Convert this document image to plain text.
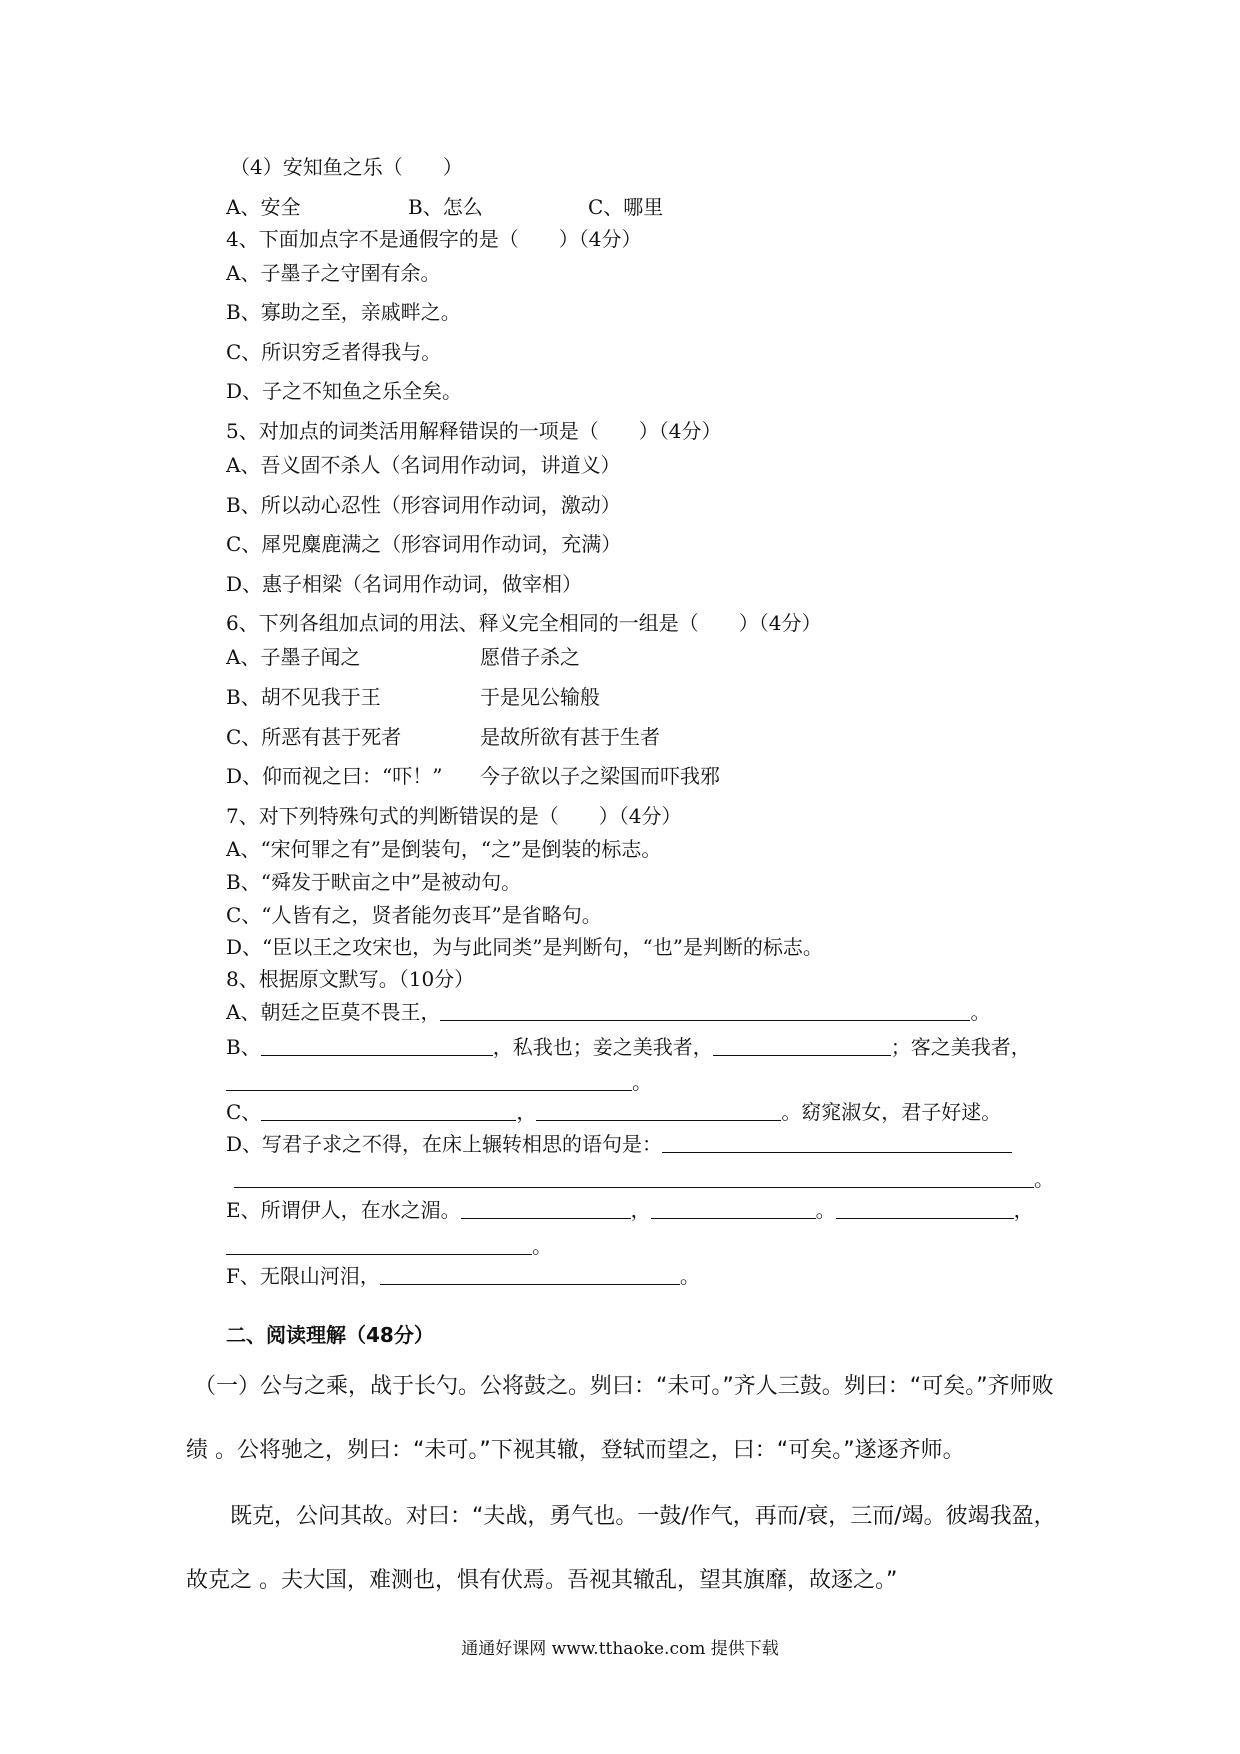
（4）安知鱼之乐（　　）
A、安全	B、怎么	C、哪里
4、下面加点字不是通假字的是（　　）（4分）
A、子墨子之守圉有余。
B、寡助之至，亲戚畔之。
C、所识穷乏者得我与。
D、子之不知鱼之乐全矣。
5、对加点的词类活用解释错误的一项是（　　）（4分）
A、吾义固不杀人（名词用作动词，讲道义）
B、所以动心忍性（形容词用作动词，激动）
C、犀兕麋鹿满之（形容词用作动词，充满）
D、惠子相梁（名词用作动词，做宰相）
6、下列各组加点词的用法、释义完全相同的一组是（　　）（4分）
A、子墨子闻之	愿借子杀之
B、胡不见我于王	于是见公输般
C、所恶有甚于死者	是故所欲有甚于生者
D、仰而视之曰：“吓！” 今子欲以子之梁国而吓我邪
7、对下列特殊句式的判断错误的是（　　）（4分）
A、“宋何罪之有”是倒装句，“之”是倒装的标志。
B、“舜发于畎亩之中”是被动句。
C、“人皆有之，贤者能勿丧耳”是省略句。
D、“臣以王之攻宋也，为与此同类”是判断句，“也”是判断的标志。
8、根据原文默写。（10分）
A、朝廷之臣莫不畏王，	。
B、	，私我也；妾之美我者，	；客之美我者，
。
C、	，	。窈窕淑女，君子好逑。
D、写君子求之不得，在床上辗转相思的语句是：
。
E、所谓伊人，在水之湄。	，	。	，
。
F、无限山河泪，	。
二、阅读理解（48分）
（一）公与之乘，战于长勺。公将鼓之。刿曰：“未可。”齐人三鼓。刿曰：“可矣。”齐师败
绩 。公将驰之，刿曰：“未可。”下视其辙，登轼而望之，曰：“可矣。”遂逐齐师。
既克，公问其故。对曰：“夫战，勇气也。一鼓/作气，再而/衰，三而/竭。彼竭我盈，
故克之 。夫大国，难测也，惧有伏焉。吾视其辙乱，望其旗靡，故逐之。”
通通好课网 www.tthaoke.com 提供下载
